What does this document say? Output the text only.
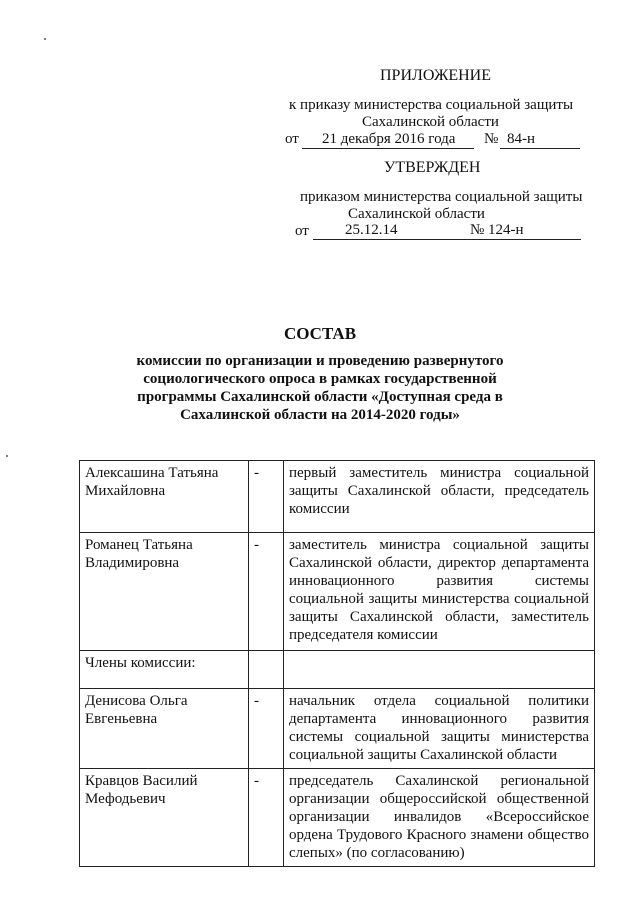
ПРИЛОЖЕНИЕ
к приказу министерства социальной защиты
Сахалинской области
от 21 декабря 2016 года № 84-н
УТВЕРЖДЕН
приказом министерства социальной защиты
Сахалинской области
от 25.12.14	№ 124-н
СОСТАВ
комиссии по организации и проведению развернутого социологического опроса в рамках государственной программы Сахалинской области «Доступная среда в Сахалинской области на 2014-2020 годы»
Алексашина Татьяна Михайловна	-	первый заместитель министра социальной защиты Сахалинской области, председатель комиссии
Романец Татьяна Владимировна	-	заместитель министра социальной защиты Сахалинской области, директор департамента инновационного развития системы социальной защиты министерства социальной защиты Сахалинской области, заместитель председателя комиссии
Члены комиссии:		
Денисова Ольга Евгеньевна	-	начальник отдела социальной политики департамента инновационного развития системы социальной защиты министерства социальной защиты Сахалинской области
Кравцов Василий Мефодьевич	-	председатель Сахалинской региональной организации общероссийской общественной организации инвалидов «Всероссийское ордена Трудового Красного знамени общество слепых» (по согласованию)
